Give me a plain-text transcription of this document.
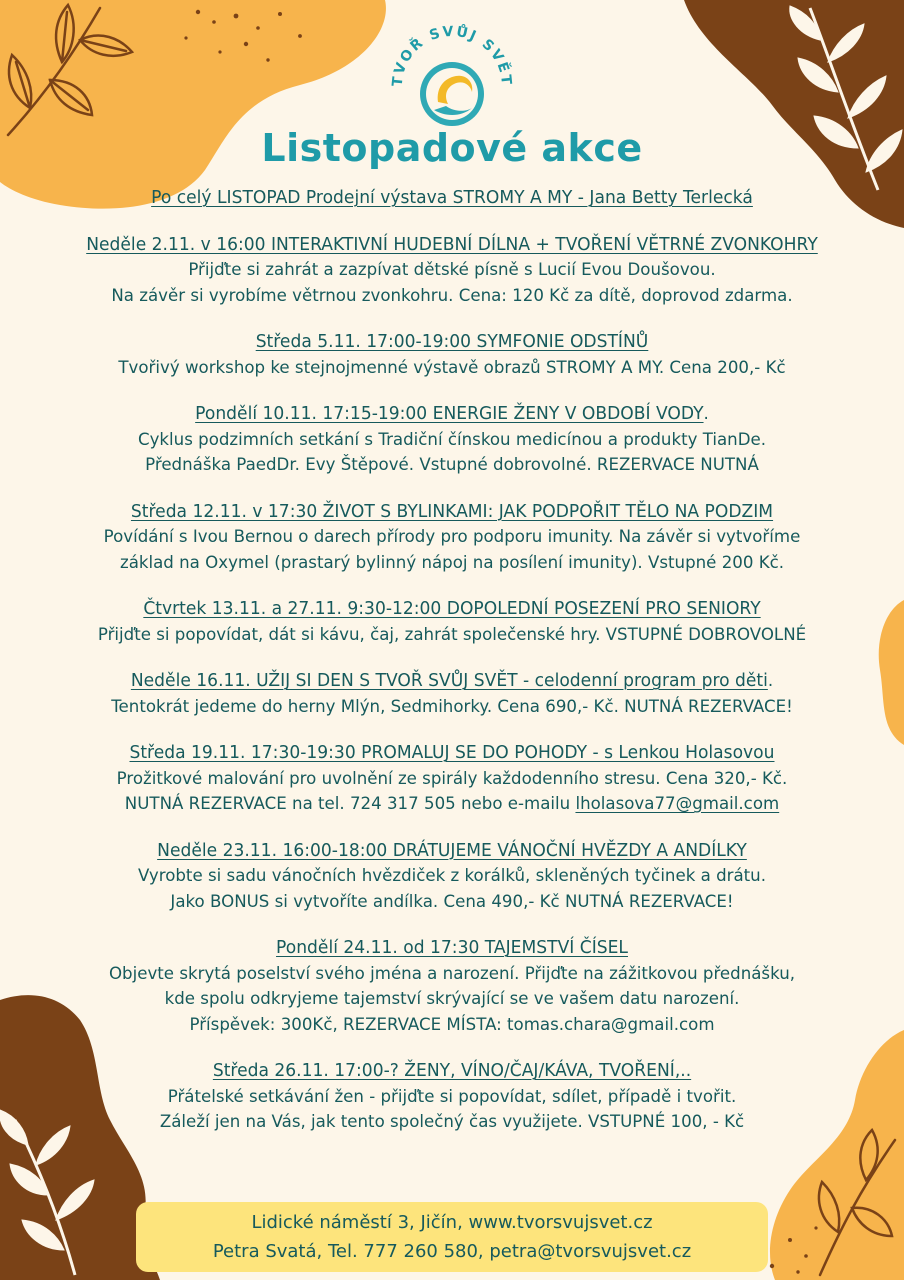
TVOŘ SVŮJ SVĚT
Listopadové akce
Po celý LISTOPAD Prodejní výstava STROMY A MY - Jana Betty Terlecká
Neděle 2.11. v 16:00 INTERAKTIVNÍ HUDEBNÍ DÍLNA + TVOŘENÍ VĚTRNÉ ZVONKOHRY
Přijďte si zahrát a zazpívat dětské písně s Lucií Evou Doušovou.
Na závěr si vyrobíme větrnou zvonkohru. Cena: 120 Kč za dítě, doprovod zdarma.
Středa 5.11. 17:00-19:00 SYMFONIE ODSTÍNŮ
Tvořivý workshop ke stejnojmenné výstavě obrazů STROMY A MY. Cena 200,- Kč
Pondělí 10.11. 17:15-19:00 ENERGIE ŽENY V OBDOBÍ VODY.
Cyklus podzimních setkání s Tradiční čínskou medicínou a produkty TianDe.
Přednáška PaedDr. Evy Štěpové. Vstupné dobrovolné. REZERVACE NUTNÁ
Středa 12.11. v 17:30 ŽIVOT S BYLINKAMI: JAK PODPOŘIT TĚLO NA PODZIM
Povídání s Ivou Bernou o darech přírody pro podporu imunity. Na závěr si vytvoříme
základ na Oxymel (prastarý bylinný nápoj na posílení imunity). Vstupné 200 Kč.
Čtvrtek 13.11. a 27.11. 9:30-12:00 DOPOLEDNÍ POSEZENÍ PRO SENIORY
Přijďte si popovídat, dát si kávu, čaj, zahrát společenské hry. VSTUPNÉ DOBROVOLNÉ
Neděle 16.11. UŽIJ SI DEN S TVOŘ SVŮJ SVĚT - celodenní program pro děti.
Tentokrát jedeme do herny Mlýn, Sedmihorky. Cena 690,- Kč. NUTNÁ REZERVACE!
Středa 19.11. 17:30-19:30 PROMALUJ SE DO POHODY - s Lenkou Holasovou
Prožitkové malování pro uvolnění ze spirály každodenního stresu. Cena 320,- Kč.
NUTNÁ REZERVACE na tel. 724 317 505 nebo e-mailu lholasova77@gmail.com
Neděle 23.11. 16:00-18:00 DRÁTUJEME VÁNOČNÍ HVĚZDY A ANDÍLKY
Vyrobte si sadu vánočních hvězdiček z korálků, skleněných tyčinek a drátu.
Jako BONUS si vytvoříte andílka. Cena 490,- Kč NUTNÁ REZERVACE!
Pondělí 24.11. od 17:30 TAJEMSTVÍ ČÍSEL
Objevte skrytá poselství svého jména a narození. Přijďte na zážitkovou přednášku,
kde spolu odkryjeme tajemství skrývající se ve vašem datu narození.
Příspěvek: 300Kč, REZERVACE MÍSTA: tomas.chara@gmail.com
Středa 26.11. 17:00-? ŽENY, VÍNO/ČAJ/KÁVA, TVOŘENÍ,..
Přátelské setkávání žen - přijďte si popovídat, sdílet, případě i tvořit.
Záleží jen na Vás, jak tento společný čas využijete. VSTUPNÉ 100, - Kč
Lidické náměstí 3, Jičín, www.tvorsvujsvet.cz
Petra Svatá, Tel. 777 260 580, petra@tvorsvujsvet.cz
